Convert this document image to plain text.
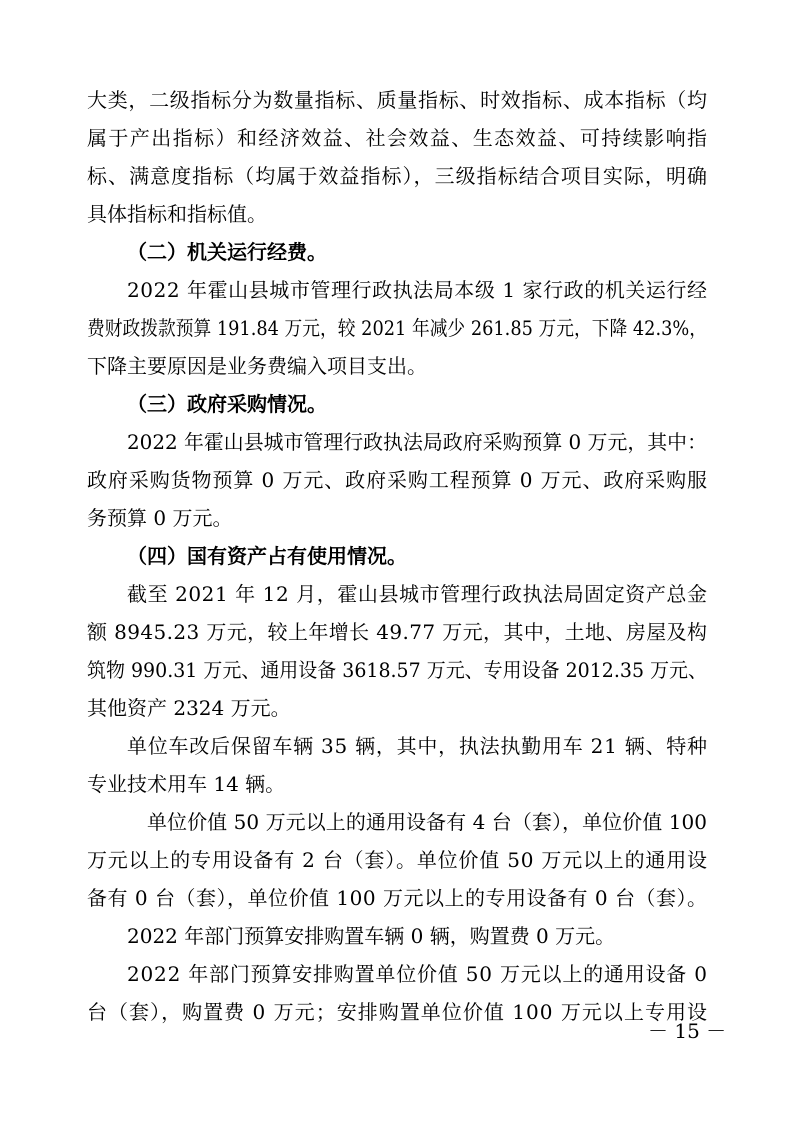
大类，二级指标分为数量指标、质量指标、时效指标、成本指标（均
属于产出指标）和经济效益、社会效益、生态效益、可持续影响指
标、满意度指标（均属于效益指标），三级指标结合项目实际，明确
具体指标和指标值。
（二）机关运行经费。
2022 年霍山县城市管理行政执法局本级 1 家行政的机关运行经
费财政拨款预算 191.84 万元，较 2021 年减少 261.85 万元，下降 42.3%，
下降主要原因是业务费编入项目支出。
（三）政府采购情况。
2022 年霍山县城市管理行政执法局政府采购预算 0 万元，其中：
政府采购货物预算 0 万元、政府采购工程预算 0 万元、政府采购服
务预算 0 万元。
（四）国有资产占有使用情况。
截至 2021 年 12 月，霍山县城市管理行政执法局固定资产总金
额 8945.23 万元，较上年增长 49.77 万元，其中，土地、房屋及构
筑物 990.31 万元、通用设备 3618.57 万元、专用设备 2012.35 万元、
其他资产 2324 万元。
单位车改后保留车辆 35 辆，其中，执法执勤用车 21 辆、特种
专业技术用车 14 辆。
单位价值 50 万元以上的通用设备有 4 台（套），单位价值 100
万元以上的专用设备有 2 台（套）。单位价值 50 万元以上的通用设
备有 0 台（套），单位价值 100 万元以上的专用设备有 0 台（套）。
2022 年部门预算安排购置车辆 0 辆，购置费 0 万元。
2022 年部门预算安排购置单位价值 50 万元以上的通用设备 0
台（套），购置费 0 万元；安排购置单位价值 100 万元以上专用设
－ 15 －
